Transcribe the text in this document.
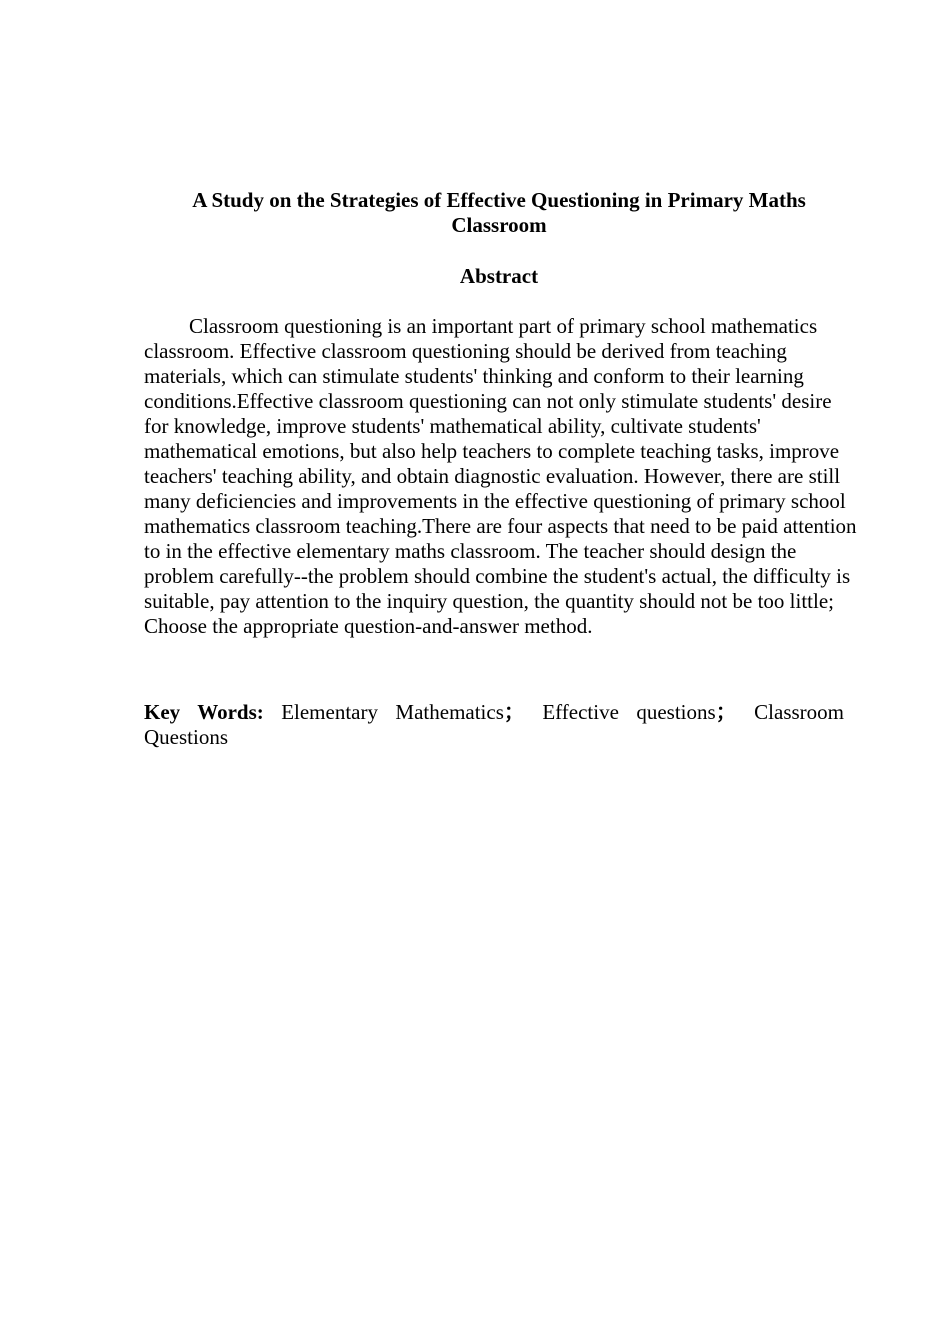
A Study on the Strategies of Effective Questioning in Primary Maths Classroom
Abstract

Classroom questioning is an important part of primary school mathematics classroom. Effective classroom questioning should be derived from teaching materials, which can stimulate students' thinking and conform to their learning conditions.Effective classroom questioning can not only stimulate students' desire for knowledge, improve students' mathematical ability, cultivate students' mathematical emotions, but also help teachers to complete teaching tasks, improve teachers' teaching ability, and obtain diagnostic evaluation. However, there are still many deficiencies and improvements in the effective questioning of primary school mathematics classroom teaching.There are four aspects that need to be paid attention to in the effective elementary maths classroom. The teacher should design the problem carefully--the problem should combine the student's actual, the difficulty is suitable, pay attention to the inquiry question, the quantity should not be too little; Choose the appropriate question-and-answer method.

Key Words: Elementary Mathematics； Effective questions； Classroom Questions
